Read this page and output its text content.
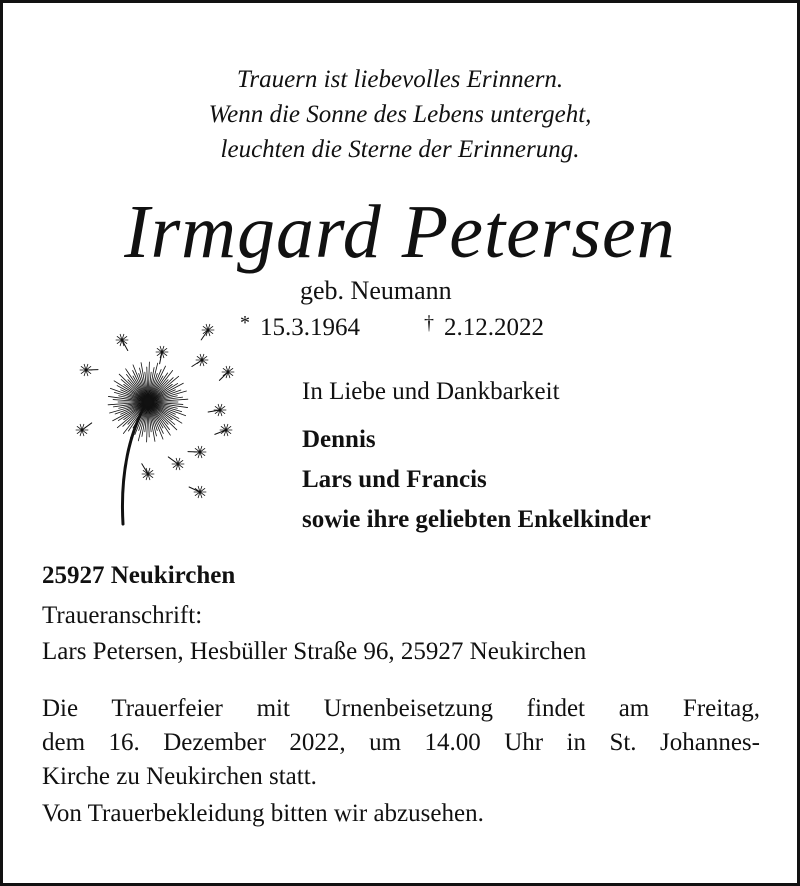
Trauern ist liebevolles Erinnern.
Wenn die Sonne des Lebens untergeht,
leuchten die Sterne der Erinnerung.
Irmgard Petersen
geb. Neumann
* 15.3.1964	† 2.12.2022
In Liebe und Dankbarkeit
Dennis
Lars und Francis
sowie ihre geliebten Enkelkinder
25927 Neukirchen
Traueranschrift:
Lars Petersen, Hesbüller Straße 96, 25927 Neukirchen
Die Trauerfeier mit Urnenbeisetzung findet am Freitag,
dem 16. Dezember 2022, um 14.00 Uhr in St. Johannes-
Kirche zu Neukirchen statt.
Von Trauerbekleidung bitten wir abzusehen.
